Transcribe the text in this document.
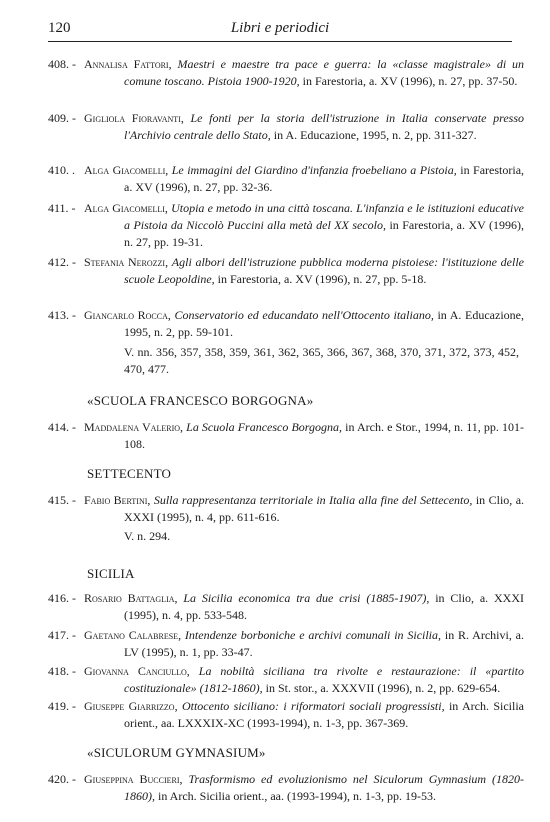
120	Libri e periodici
408. - Annalisa Fattori, Maestri e maestre tra pace e guerra: la «classe magistrale» di un comune toscano. Pistoia 1900-1920, in Farestoria, a. XV (1996), n. 27, pp. 37-50.
409. - Gigliola Fioravanti, Le fonti per la storia dell'istruzione in Italia conservate presso l'Archivio centrale dello Stato, in A. Educazione, 1995, n. 2, pp. 311-327.
410. . Alga Giacomelli, Le immagini del Giardino d'infanzia froebeliano a Pistoia, in Farestoria, a. XV (1996), n. 27, pp. 32-36.
411. - Alga Giacomelli, Utopia e metodo in una città toscana. L'infanzia e le istituzioni educative a Pistoia da Niccolò Puccini alla metà del XX secolo, in Farestoria, a. XV (1996), n. 27, pp. 19-31.
412. - Stefania Nerozzi, Agli albori dell'istruzione pubblica moderna pistoiese: l'istituzione delle scuole Leopoldine, in Farestoria, a. XV (1996), n. 27, pp. 5-18.
413. - Giancarlo Rocca, Conservatorio ed educandato nell'Ottocento italiano, in A. Educazione, 1995, n. 2, pp. 59-101.
V. nn. 356, 357, 358, 359, 361, 362, 365, 366, 367, 368, 370, 371, 372, 373, 452, 470, 477.
«SCUOLA FRANCESCO BORGOGNA»
414. - Maddalena Valerio, La Scuola Francesco Borgogna, in Arch. e Stor., 1994, n. 11, pp. 101-108.
SETTECENTO
415. - Fabio Bertini, Sulla rappresentanza territoriale in Italia alla fine del Settecento, in Clio, a. XXXI (1995), n. 4, pp. 611-616.
V. n. 294.
SICILIA
416. - Rosario Battaglia, La Sicilia economica tra due crisi (1885-1907), in Clio, a. XXXI (1995), n. 4, pp. 533-548.
417. - Gaetano Calabrese, Intendenze borboniche e archivi comunali in Sicilia, in R. Archivi, a. LV (1995), n. 1, pp. 33-47.
418. - Giovanna Canciullo, La nobiltà siciliana tra rivolte e restaurazione: il «partito costituzionale» (1812-1860), in St. stor., a. XXXVII (1996), n. 2, pp. 629-654.
419. - Giuseppe Giarrizzo, Ottocento siciliano: i riformatori sociali progressisti, in Arch. Sicilia orient., aa. LXXXIX-XC (1993-1994), n. 1-3, pp. 367-369.
«SICULORUM GYMNASIUM»
420. - Giuseppina Buccieri, Trasformismo ed evoluzionismo nel Siculorum Gymnasium (1820-1860), in Arch. Sicilia orient., aa. (1993-1994), n. 1-3, pp. 19-53.
